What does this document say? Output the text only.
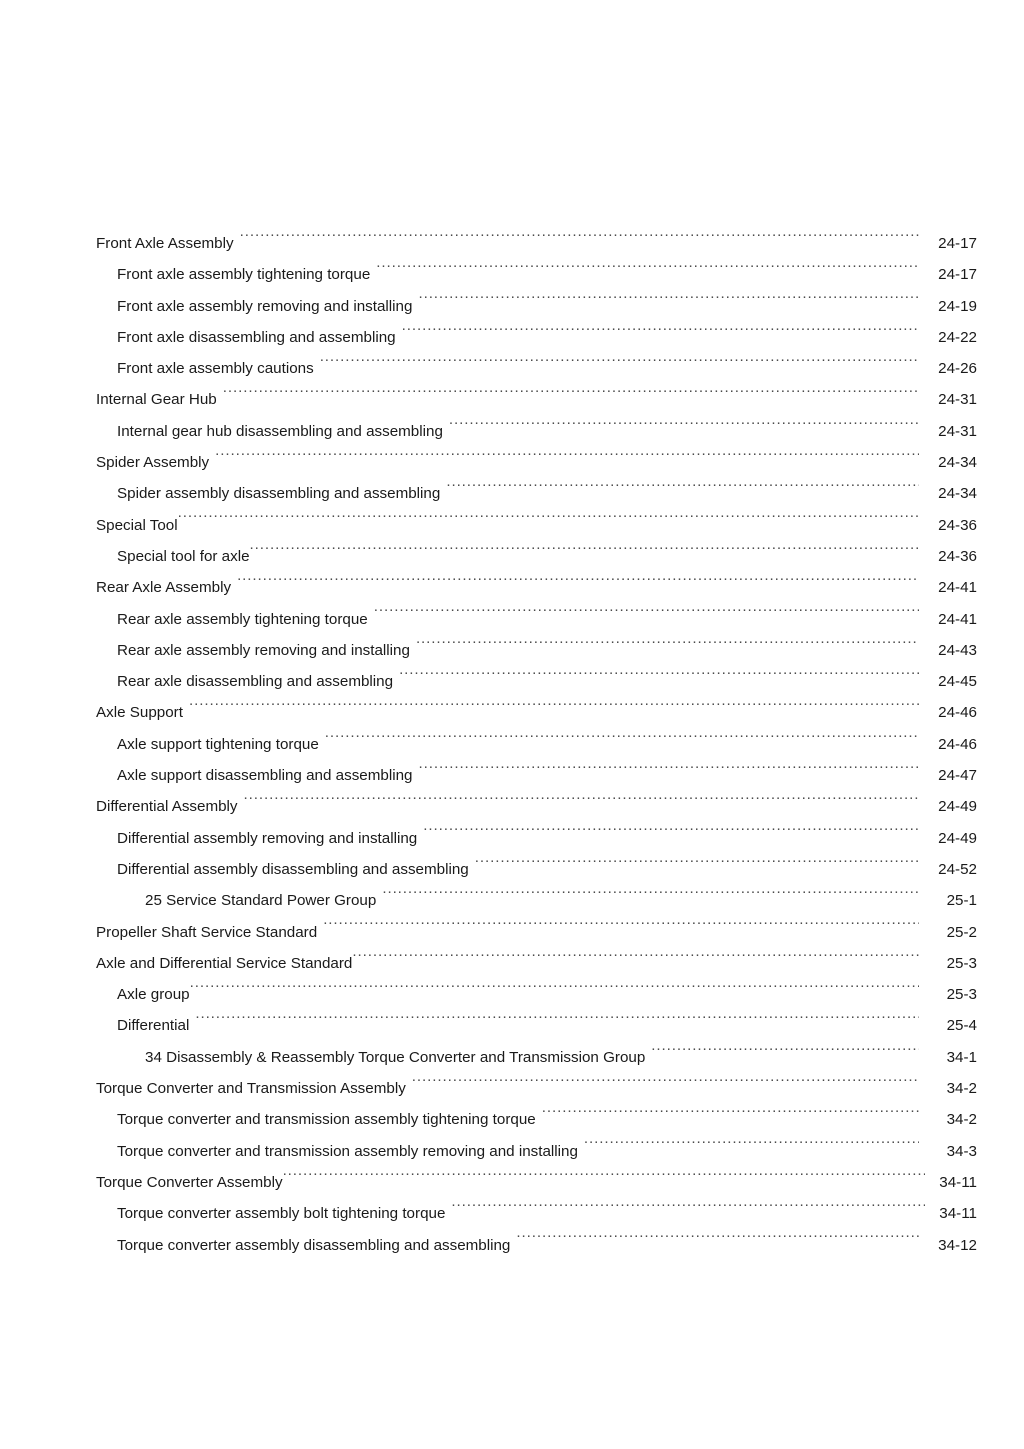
Front Axle Assembly .....	24-17
Front axle assembly tightening torque .....	24-17
Front axle assembly removing and installing .....	24-19
Front axle disassembling and assembling .....	24-22
Front axle assembly cautions .....	24-26
Internal Gear Hub .....	24-31
Internal gear hub disassembling and assembling .....	24-31
Spider Assembly .....	24-34
Spider assembly disassembling and assembling .....	24-34
Special Tool .....	24-36
Special tool for axle .....	24-36
Rear Axle Assembly .....	24-41
Rear axle assembly tightening torque .....	24-41
Rear axle assembly removing and installing .....	24-43
Rear axle disassembling and assembling .....	24-45
Axle Support .....	24-46
Axle support tightening torque .....	24-46
Axle support disassembling and assembling .....	24-47
Differential Assembly .....	24-49
Differential assembly removing and installing .....	24-49
Differential assembly disassembling and assembling .....	24-52
25 Service Standard Power Group .....	25-1
Propeller Shaft Service Standard .....	25-2
Axle and Differential Service Standard .....	25-3
Axle group .....	25-3
Differential .....	25-4
34 Disassembly & Reassembly Torque Converter and Transmission Group .....	34-1
Torque Converter and Transmission Assembly .....	34-2
Torque converter and transmission assembly tightening torque .....	34-2
Torque converter and transmission assembly removing and installing .....	34-3
Torque Converter Assembly .....	34-11
Torque converter assembly bolt tightening torque .....	34-11
Torque converter assembly disassembling and assembling .....	34-12
